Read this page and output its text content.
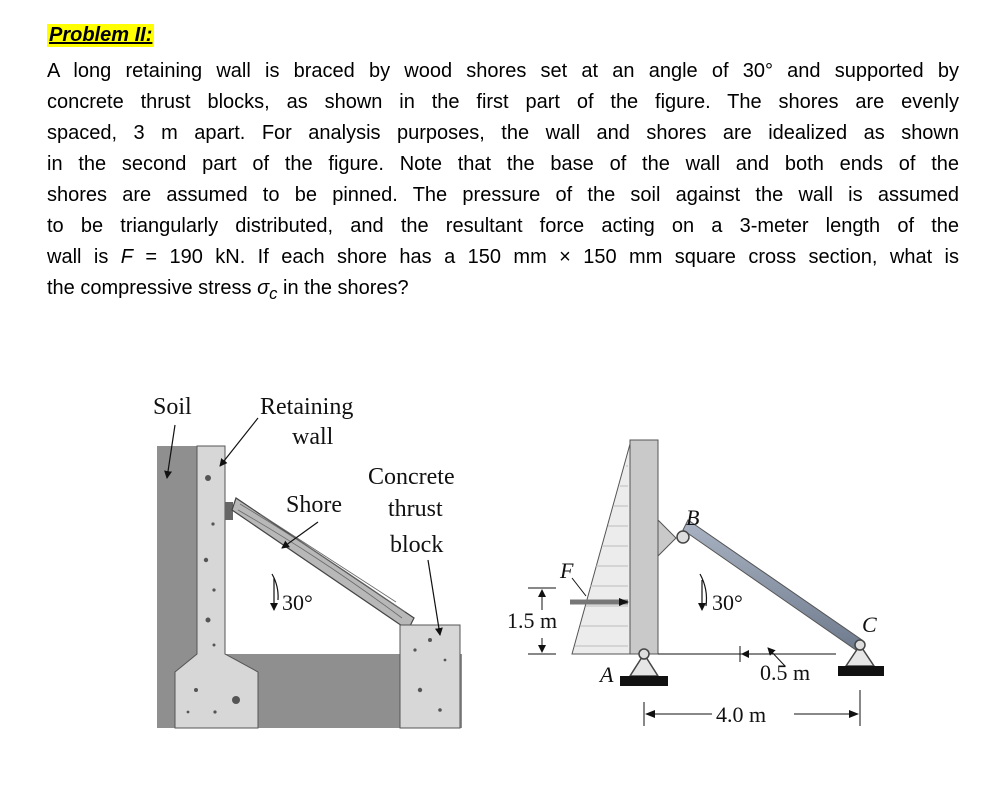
Problem II:

A long retaining wall is braced by wood shores set at an angle of 30° and supported by
concrete thrust blocks, as shown in the first part of the figure. The shores are evenly
spaced, 3 m apart. For analysis purposes, the wall and shores are idealized as shown
in the second part of the figure. Note that the base of the wall and both ends of the
shores are assumed to be pinned. The pressure of the soil against the wall is assumed
to be triangularly distributed, and the resultant force acting on a 3-meter length of the
wall is F = 190 kN. If each shore has a 150 mm × 150 mm square cross section, what is
the compressive stress $\sigma_c$ in the shores?

Soil	Retaining
wall
Shore
Concrete
thrust
block
30°
F
1.5 m
B
A
C
30°
0.5 m
4.0 m
